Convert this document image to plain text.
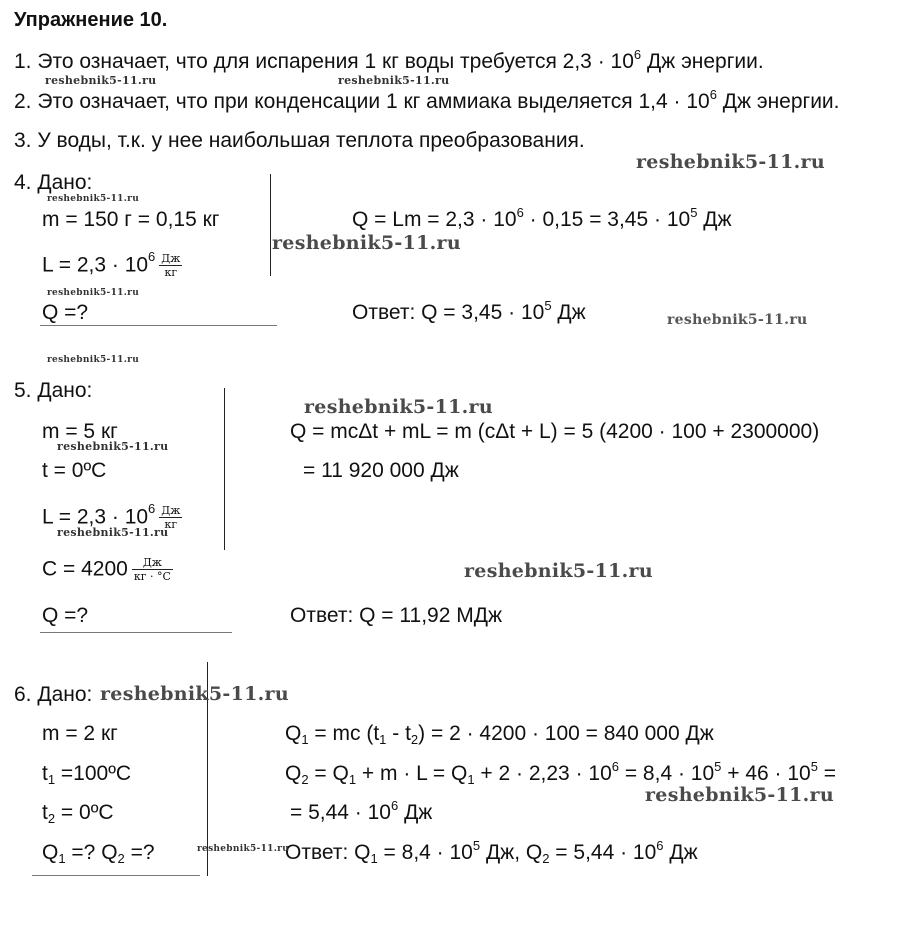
Упражнение 10.
1. Это означает, что для испарения 1 кг воды требуется $2,3 \cdot 10^6$ Дж энергии.
2. Это означает, что при конденсации 1 кг аммиака выделяется $1,4 \cdot 10^6$ Дж энергии.
3. У воды, т.к. у нее наибольшая теплота преобразования.
4. Дано:
m = 150 г = 0,15 кг
$L = 2,3 \cdot 10^6 \frac{Дж}{кг}$
Q =?
$Q = Lm = 2,3 \cdot 10^6 \cdot 0,15 = 3,45 \cdot 10^5$ Дж
Ответ: $Q = 3,45 \cdot 10^5$ Дж
5. Дано:
m = 5 кг
t = 0ºC
$L = 2,3 \cdot 10^6 \frac{Дж}{кг}$
$C = 4200 \frac{Дж}{кг \cdot ^\circ С}$
Q =?
Q = mcΔt + mL = m (cΔt + L) = 5 (4200 · 100 + 2300000)
= 11 920 000 Дж
Ответ: Q = 11,92 МДж
6. Дано:
m = 2 кг
$t_1$ =100ºC
$t_2$ = 0ºC
$Q_1$ =? $Q_2$ =?
$Q_1$ = mc $(t_1 - t_2) = 2 \cdot 4200 \cdot 100 = 840$ 000 Дж
$Q_2 = Q_1 + m \cdot L = Q_1 + 2 \cdot 2,23 \cdot 10^6 = 8,4 \cdot 10^5 + 46 \cdot 10^5$ =
= $5,44 \cdot 10^6$ Дж
Ответ: $Q_1 = 8,4 \cdot 10^5$ Дж, $Q_2 = 5,44 \cdot 10^6$ Дж
reshebnik5-11.ru	reshebnik5-11.ru
reshebnik5-11.ru
reshebnik5-11.ru
reshebnik5-11.ru
reshebnik5-11.ru
reshebnik5-11.ru
reshebnik5-11.ru
reshebnik5-11.ru
reshebnik5-11.ru
reshebnik5-11.ru
reshebnik5-11.ru
reshebnik5-11.ru
reshebnik5-11.ru
reshebnik5-11.ru
